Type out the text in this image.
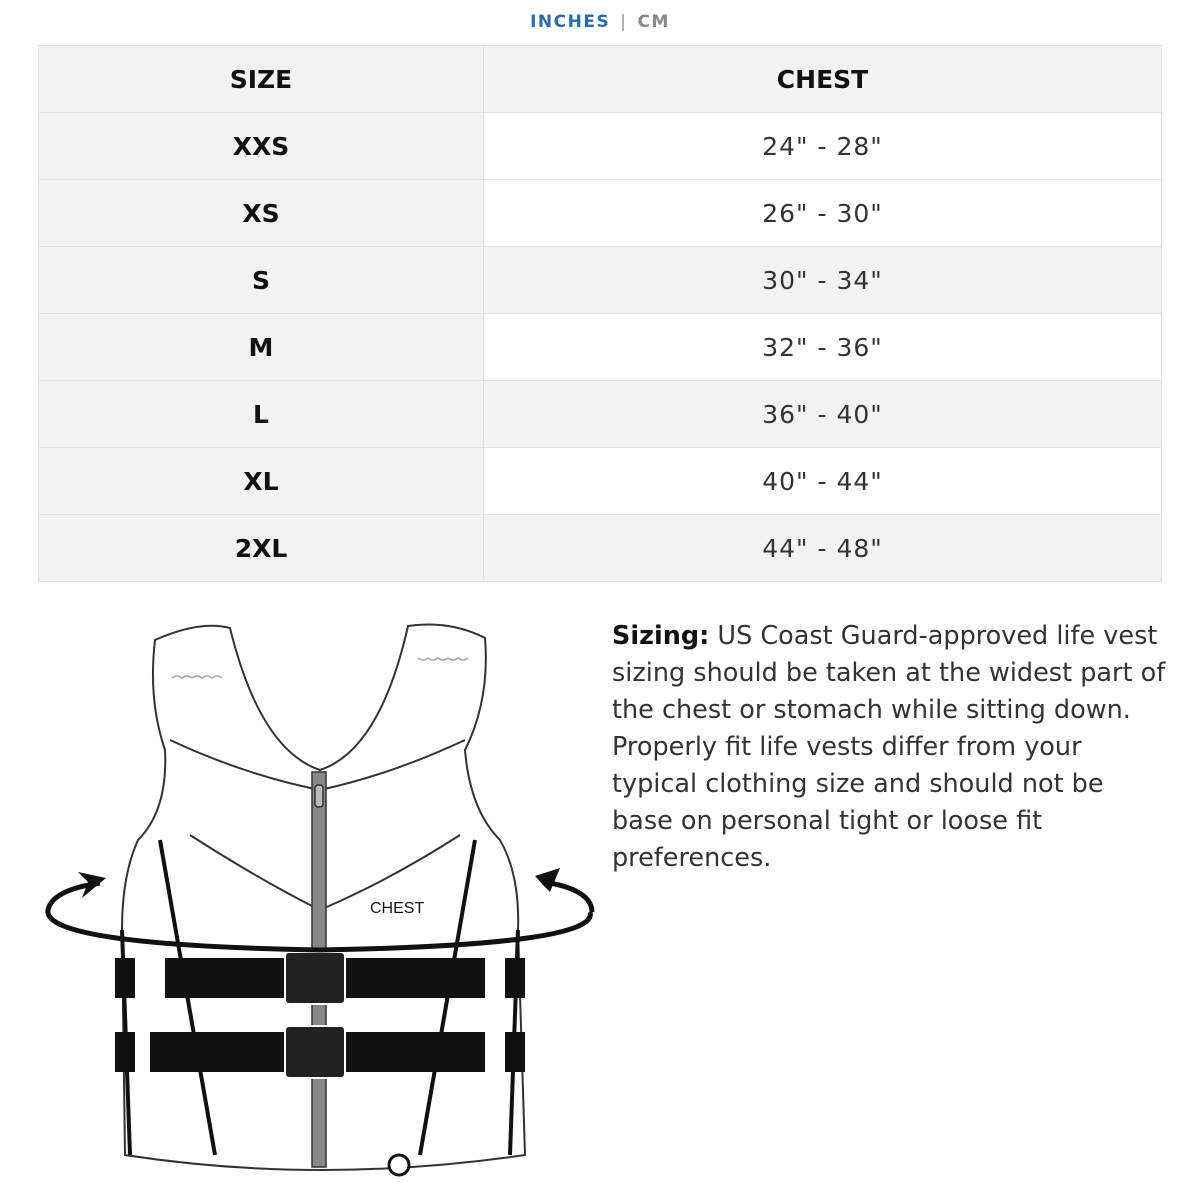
INCHES | CM
SIZE	CHEST
XXS	24" - 28"
XS	26" - 30"
S	30" - 34"
M	32" - 36"
L	36" - 40"
XL	40" - 44"
2XL	44" - 48"
CHEST
Sizing: US Coast Guard-approved life vest sizing should be taken at the widest part of the chest or stomach while sitting down. Properly fit life vests differ from your typical clothing size and should not be base on personal tight or loose fit preferences.
